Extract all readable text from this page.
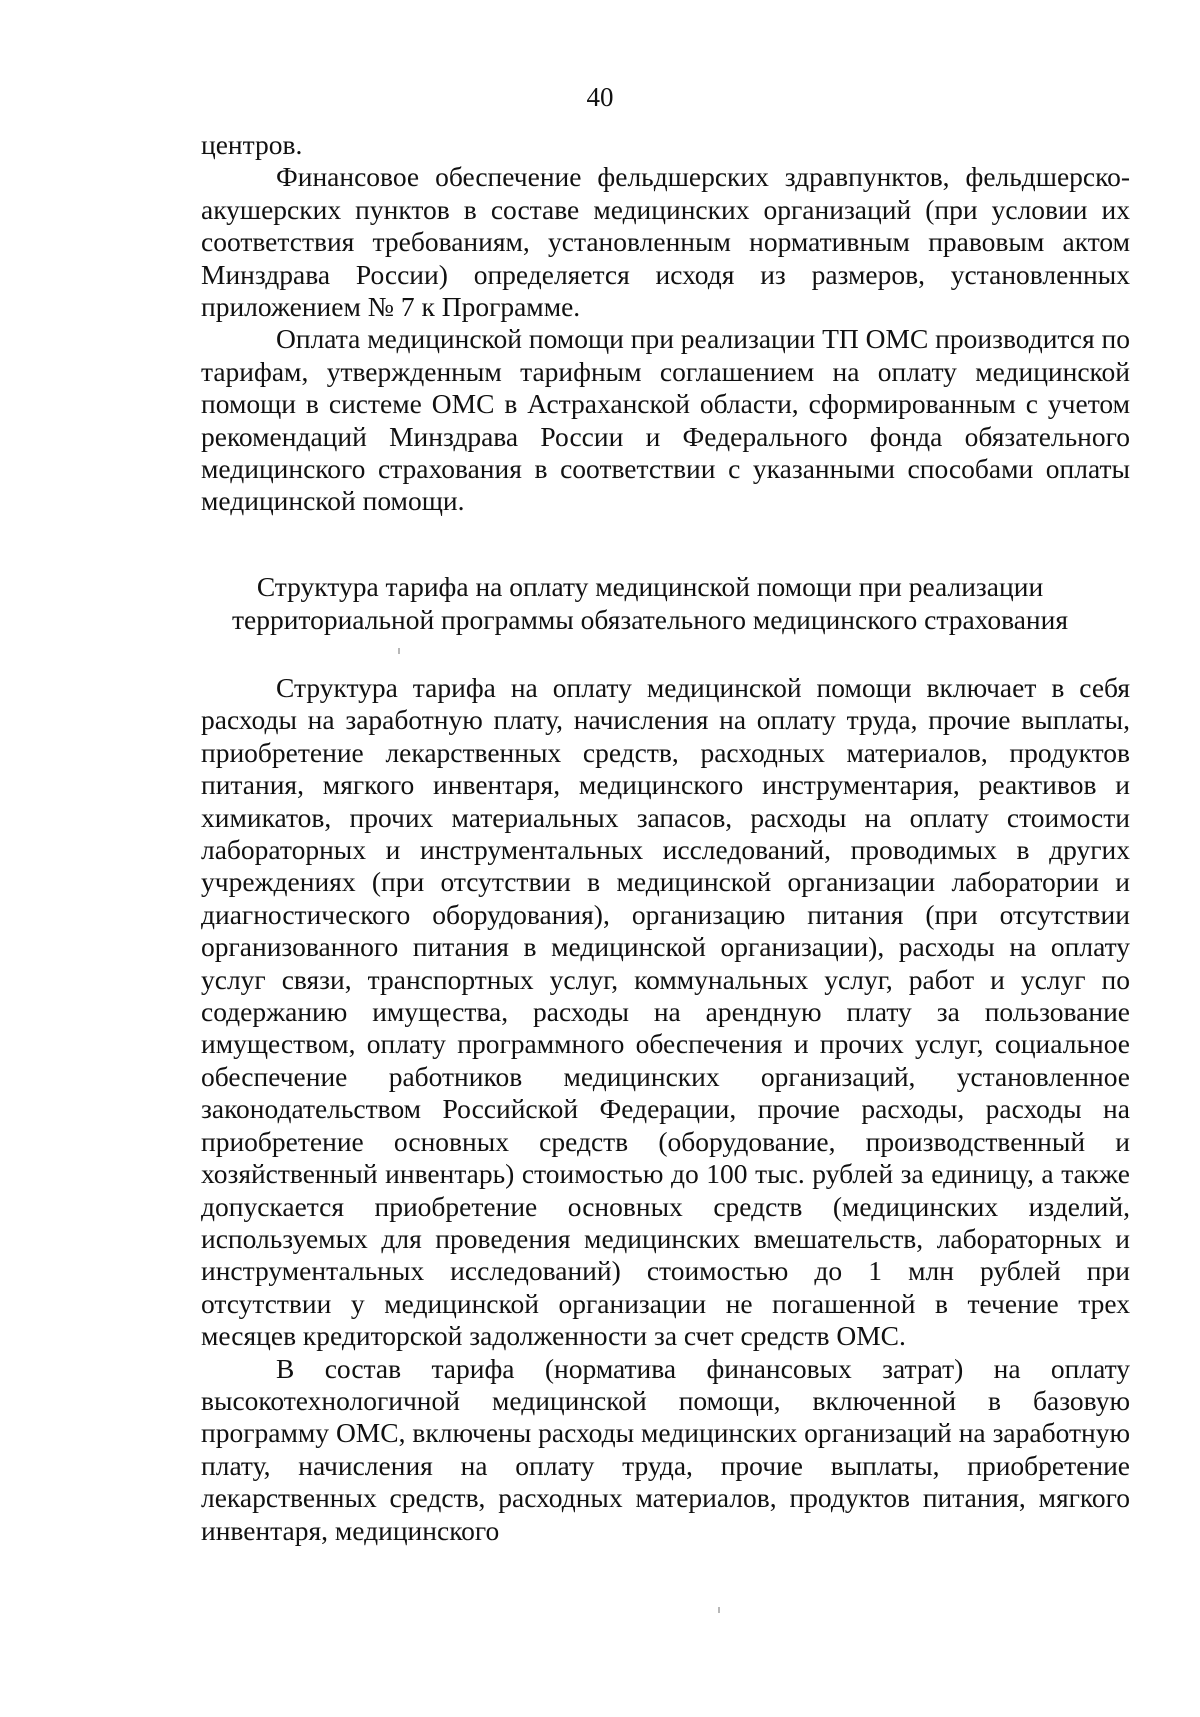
40

центров.

Финансовое обеспечение фельдшерских здравпунктов, фельдшерско-акушерских пунктов в составе медицинских организаций (при условии их соответствия требованиям, установленным нормативным правовым актом Минздрава России) определяется исходя из размеров, установленных приложением № 7 к Программе.

Оплата медицинской помощи при реализации ТП ОМС производится по тарифам, утвержденным тарифным соглашением на оплату медицинской помощи в системе ОМС в Астраханской области, сформированным с учетом рекомендаций Минздрава России и Федерального фонда обязательного медицинского страхования в соответствии с указанными способами оплаты медицинской помощи.

Структура тарифа на оплату медицинской помощи при реализации
территориальной программы обязательного медицинского страхования

Структура тарифа на оплату медицинской помощи включает в себя расходы на заработную плату, начисления на оплату труда, прочие выплаты, приобретение лекарственных средств, расходных материалов, продуктов питания, мягкого инвентаря, медицинского инструментария, реактивов и химикатов, прочих материальных запасов, расходы на оплату стоимости лабораторных и инструментальных исследований, проводимых в других учреждениях (при отсутствии в медицинской организации лаборатории и диагностического оборудования), организацию питания (при отсутствии организованного питания в медицинской организации), расходы на оплату услуг связи, транспортных услуг, коммунальных услуг, работ и услуг по содержанию имущества, расходы на арендную плату за пользование имуществом, оплату программного обеспечения и прочих услуг, социальное обеспечение работников медицинских организаций, установленное законодательством Российской Федерации, прочие расходы, расходы на приобретение основных средств (оборудование, производственный и хозяйственный инвентарь) стоимостью до 100 тыс. рублей за единицу, а также допускается приобретение основных средств (медицинских изделий, используемых для проведения медицинских вмешательств, лабораторных и инструментальных исследований) стоимостью до 1 млн рублей при отсутствии у медицинской организации не погашенной в течение трех месяцев кредиторской задолженности за счет средств ОМС.

В состав тарифа (норматива финансовых затрат) на оплату высокотехнологичной медицинской помощи, включенной в базовую программу ОМС, включены расходы медицинских организаций на заработную плату, начисления на оплату труда, прочие выплаты, приобретение лекарственных средств, расходных материалов, продуктов питания, мягкого инвентаря, медицинского
